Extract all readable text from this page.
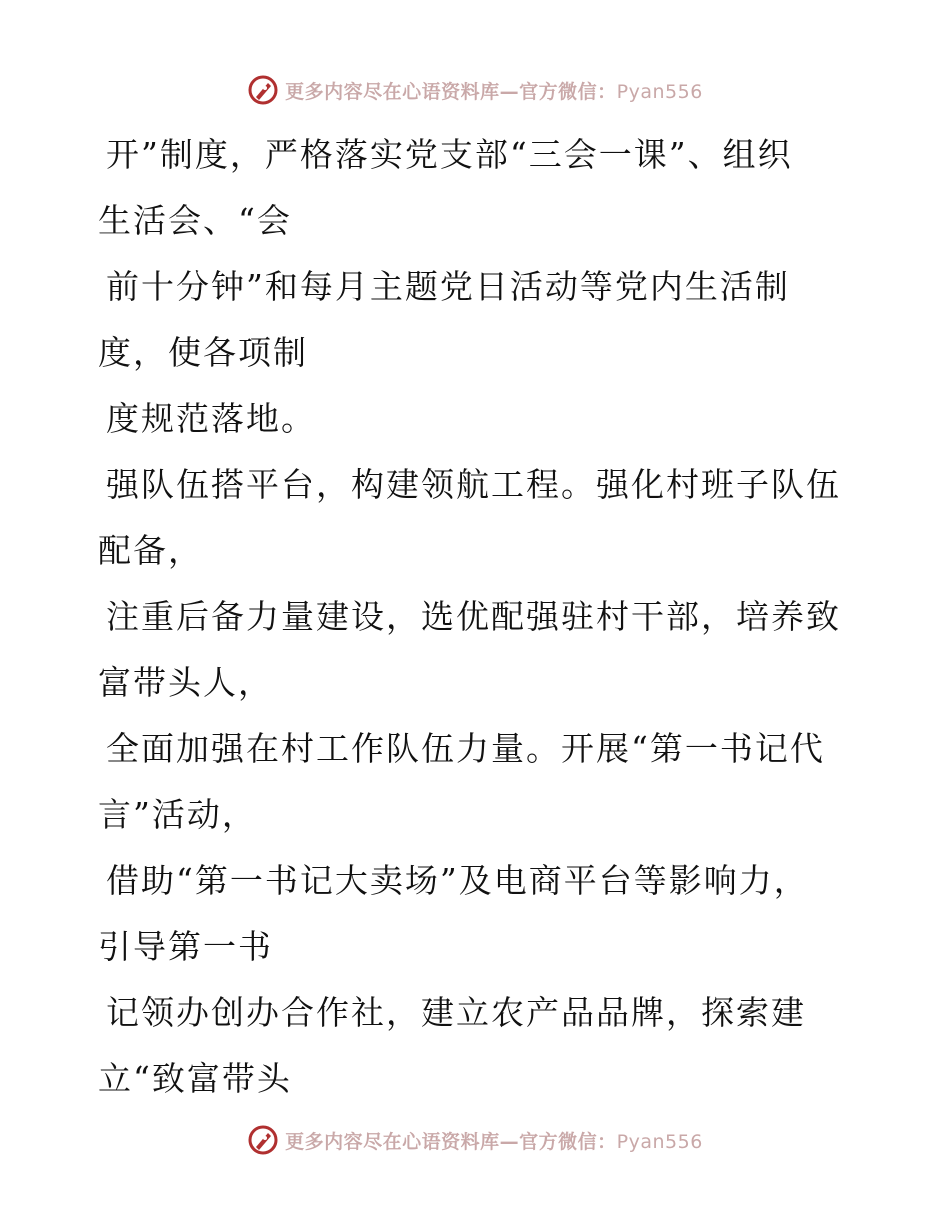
更多内容尽在心语资料库—官方微信：Pyan556
开”制度，严格落实党支部“三会一课”、组织
生活会、“会
前十分钟”和每月主题党日活动等党内生活制
度，使各项制
度规范落地。
强队伍搭平台，构建领航工程。强化村班子队伍
配备，
注重后备力量建设，选优配强驻村干部，培养致
富带头人，
全面加强在村工作队伍力量。开展“第一书记代
言”活动，
借助“第一书记大卖场”及电商平台等影响力，
引导第一书
记领办创办合作社，建立农产品品牌，探索建
立“致富带头
更多内容尽在心语资料库—官方微信：Pyan556
